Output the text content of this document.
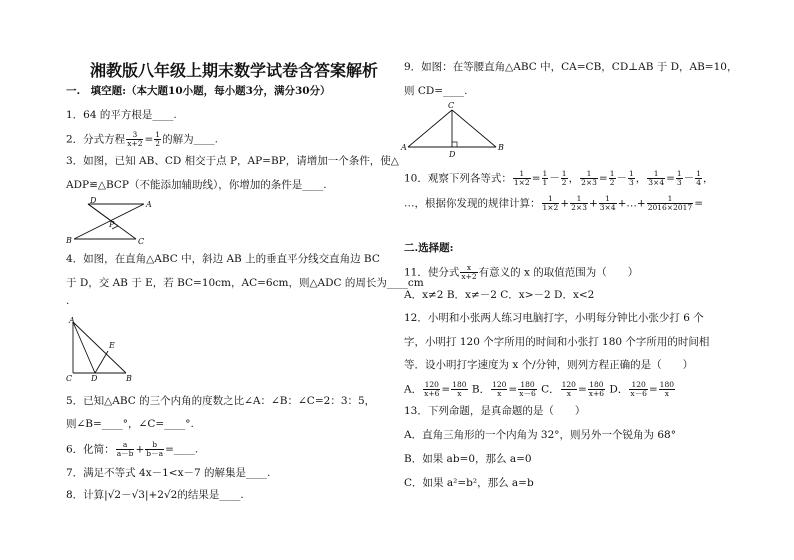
湘教版八年级上期末数学试卷含答案解析
一.　填空题:（本大题10小题，每小题3分，满分30分）
1．64 的平方根是____.
2．分式方程 $\frac{3}{x+2} = \frac{1}{2}$ 的解为____.
3．如图，已知 AB、CD 相交于点 P，AP=BP，请增加一个条件，使△
ADP≌△BCP（不能添加辅助线），你增加的条件是____.
D	A
P
B	C
4．如图，在直角△ABC 中，斜边 AB 上的垂直平分线交直角边 BC
于 D，交 AB 于 E，若 BC=10cm，AC=6cm，则△ADC 的周长为____cm
.
A
E
C D	B
5．已知△ABC 的三个内角的度数之比∠A：∠B：∠C=2：3：5，
则∠B=____°，∠C=____°.
6．化简： $\frac{a}{a-b} + \frac{b}{b-a}$ =____.
7．满足不等式 4x－1<x－7 的解集是____.
8．计算|√2－√3|+2√2的结果是____.
9．如图：在等腰直角△ABC 中，CA=CB，CD⊥AB 于 D，AB=10，
则 CD=____.
C
A
D
B
10．观察下列各等式： $\frac{1}{1\times 2} = \frac{1}{1} - \frac{1}{2}$ ， $\frac{1}{2\times 3} = \frac{1}{2} - \frac{1}{3}$ ， $\frac{1}{3\times 4} = \frac{1}{3} - \frac{1}{4}$ ，
…，根据你发现的规律计算： $\frac{1}{1\times 2} + \frac{1}{2\times 3} + \frac{1}{3\times 4}$ +…+ $\frac{1}{2016\times 2017}$ =
二.选择题:
11．使分式 $\frac{x}{x+2}$ 有意义的 x 的取值范围为（　　）
A．x≠2 B．x≠－2 C．x>－2 D．x<2
12．小明和小张两人练习电脑打字，小明每分钟比小张少打 6 个
字，小明打 120 个字所用的时间和小张打 180 个字所用的时间相
等．设小明打字速度为 x 个/分钟，则列方程正确的是（　　）
A． $\frac{120}{x+6} = \frac{180}{x}$ B． $\frac{120}{x} = \frac{180}{x-6}$ C． $\frac{120}{x} = \frac{180}{x+6}$ D． $\frac{120}{x-6} = \frac{180}{x}$
13．下列命题，是真命题的是（　　）
A．直角三角形的一个内角为 32°，则另外一个锐角为 68°
B．如果 ab=0，那么 a=0
C．如果 a²=b²，那么 a=b
